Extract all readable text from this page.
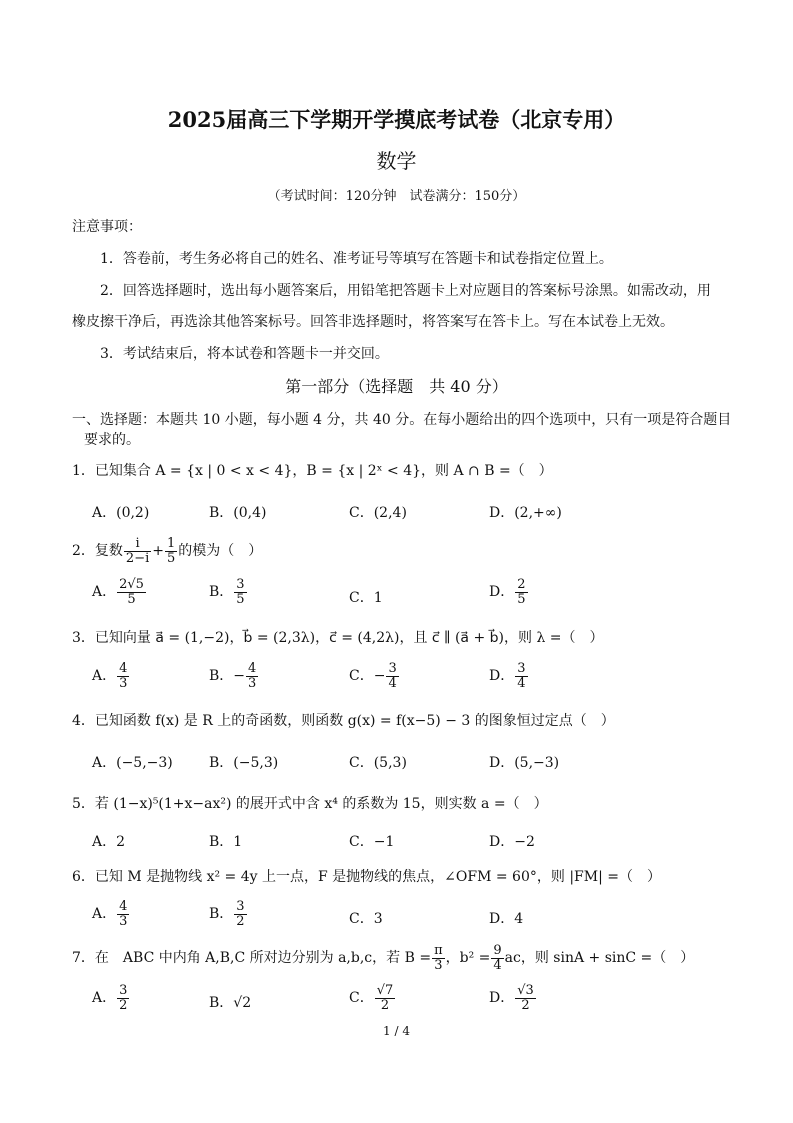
2025届高三下学期开学摸底考试卷（北京专用）
数学
（考试时间：120分钟　试卷满分：150分）
注意事项：
1．答卷前，考生务必将自己的姓名、准考证号等填写在答题卡和试卷指定位置上。
2．回答选择题时，选出每小题答案后，用铅笔把答题卡上对应题目的答案标号涂黑。如需改动，用
橡皮擦干净后，再选涂其他答案标号。回答非选择题时，将答案写在答卡上。写在本试卷上无效。
3．考试结束后，将本试卷和答题卡一并交回。
第一部分（选择题　共 40 分）
一、选择题：本题共 10 小题，每小题 4 分，共 40 分。在每小题给出的四个选项中，只有一项是符合题目
要求的。
1．已知集合 A = {x | 0 < x < 4}，B = {x | 2ˣ < 4}，则 A ∩ B =（　）
A．(0,2)	B．(0,4)	C．(2,4)	D．(2,+∞)
2．复数 $\frac{i}{2-i} + \frac{1}{5}$ 的模为（　）
A． $\frac{2√5}{5}$	B． $\frac{3}{5}$	C．1	D． $\frac{2}{5}$
3．已知向量 a⃗ = (1,−2)，b⃗ = (2,3λ)，c⃗ = (4,2λ)，且 c⃗ ∥ (a⃗ + b⃗)，则 λ =（　）
A． $\frac{4}{3}$	B．− $\frac{4}{3}$	C．− $\frac{3}{4}$	D． $\frac{3}{4}$
4．已知函数 f(x) 是 R 上的奇函数，则函数 g(x) = f(x−5) − 3 的图象恒过定点（　）
A．(−5,−3)	B．(−5,3)	C．(5,3)	D．(5,−3)
5．若 (1−x)⁵(1+x−ax²) 的展开式中含 x⁴ 的系数为 15，则实数 a =（　）
A．2	B．1	C．−1	D．−2
6．已知 M 是抛物线 x² = 4y 上一点，F 是抛物线的焦点，∠OFM = 60°，则 |FM| =（　）
A． $\frac{4}{3}$	B． $\frac{3}{2}$	C．3	D．4
7．在　ABC 中内角 A,B,C 所对边分别为 a,b,c，若 $B = \frac{\pi}{3}$ ，$b^2 = \frac{9}{4}$ ac，则 sinA + sinC =（　）
A． $\frac{3}{2}$	B．√2	C． $\frac{√7}{2}$	D． $\frac{√3}{2}$
1 / 4
